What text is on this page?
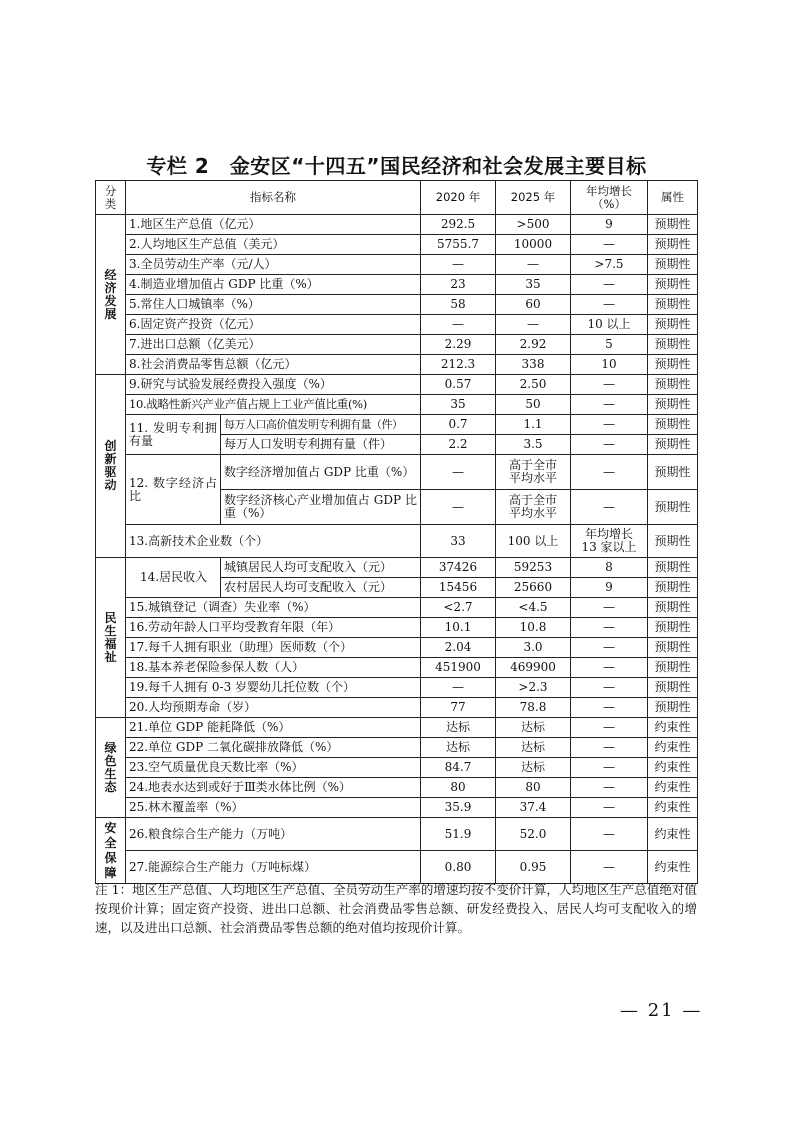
专栏 2　金安区“十四五”国民经济和社会发展主要目标
分类	指标名称		2020 年	2025 年	年均增长（%）	属性
经济发展	1.地区生产总值（亿元）		292.5	>500	9	预期性
	2.人均地区生产总值（美元）		5755.7	10000	—	预期性
	3.全员劳动生产率（元/人）		—	—	>7.5	预期性
	4.制造业增加值占 GDP 比重（%）		23	35	—	预期性
	5.常住人口城镇率（%）		58	60	—	预期性
	6.固定资产投资（亿元）		—	—	10 以上	预期性
	7.进出口总额（亿美元）		2.29	2.92	5	预期性
	8.社会消费品零售总额（亿元）		212.3	338	10	预期性
创新驱动	9.研究与试验发展经费投入强度（%）		0.57	2.50	—	预期性
	10.战略性新兴产业产值占规上工业产值比重(%)		35	50	—	预期性
	11. 发明专利拥有量	每万人口高价值发明专利拥有量（件）	0.7	1.1	—	预期性
		每万人口发明专利拥有量（件）	2.2	3.5	—	预期性
	12. 数字经济占比	数字经济增加值占 GDP 比重（%）	—	高于全市平均水平	—	预期性
		数字经济核心产业增加值占 GDP 比重（%）	—	高于全市平均水平	—	预期性
	13.高新技术企业数（个）		33	100 以上	年均增长 13 家以上	预期性
民生福祉	14.居民收入	城镇居民人均可支配收入（元）	37426	59253	8	预期性
		农村居民人均可支配收入（元）	15456	25660	9	预期性
	15.城镇登记（调查）失业率（%）		<2.7	<4.5	—	预期性
	16.劳动年龄人口平均受教育年限（年）		10.1	10.8	—	预期性
	17.每千人拥有职业（助理）医师数（个）		2.04	3.0	—	预期性
	18.基本养老保险参保人数（人）		451900	469900	—	预期性
	19.每千人拥有 0-3 岁婴幼儿托位数（个）		—	>2.3	—	预期性
	20.人均预期寿命（岁）		77	78.8	—	预期性
绿色生态	21.单位 GDP 能耗降低（%）		达标	达标	—	约束性
	22.单位 GDP 二氧化碳排放降低（%）		达标	达标	—	约束性
	23.空气质量优良天数比率（%）		84.7	达标	—	约束性
	24.地表水达到或好于Ⅲ类水体比例（%）		80	80	—	约束性
	25.林木覆盖率（%）		35.9	37.4	—	约束性
安全保障	26.粮食综合生产能力（万吨）		51.9	52.0	—	约束性
	27.能源综合生产能力（万吨标煤）		0.80	0.95	—	约束性
注 1：地区生产总值、人均地区生产总值、全员劳动生产率的增速均按不变价计算，人均地区生产总值绝对值按现价计算；固定资产投资、进出口总额、社会消费品零售总额、研发经费投入、居民人均可支配收入的增速，以及进出口总额、社会消费品零售总额的绝对值均按现价计算。
— 21 —
